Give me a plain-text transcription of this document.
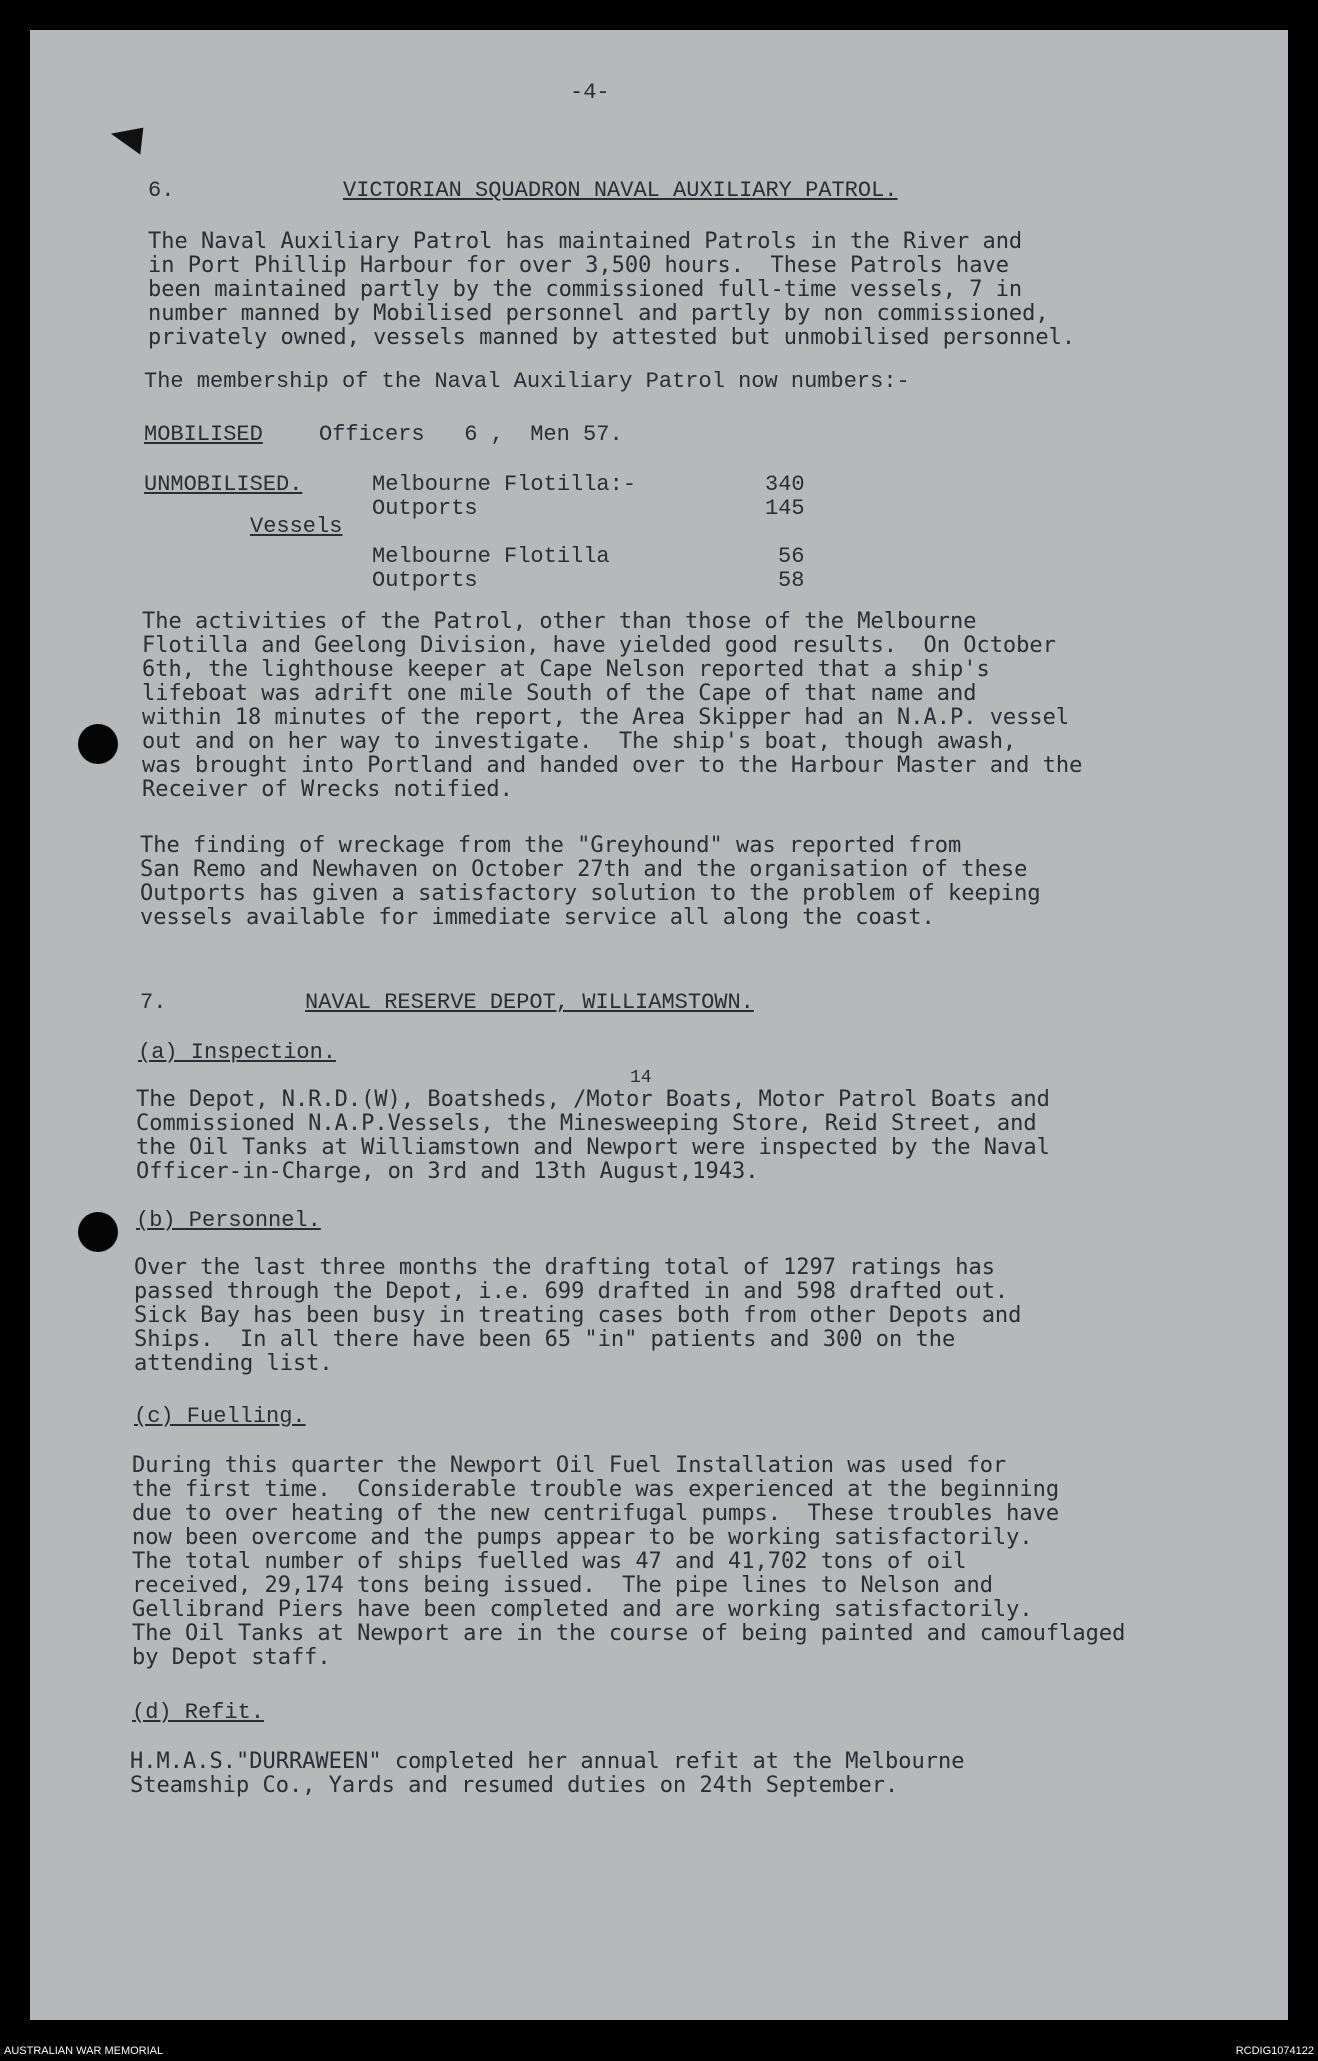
-4-
6.	VICTORIAN SQUADRON NAVAL AUXILIARY PATROL.
The Naval Auxiliary Patrol has maintained Patrols in the River and
in Port Phillip Harbour for over 3,500 hours.  These Patrols have
been maintained partly by the commissioned full-time vessels, 7 in
number manned by Mobilised personnel and partly by non commissioned,
privately owned, vessels manned by attested but unmobilised personnel.
The membership of the Naval Auxiliary Patrol now numbers:-
MOBILISED	Officers   6 ,  Men 57.
UNMOBILISED.
Vessels
Melbourne Flotilla:-	340
Outports	145
Melbourne Flotilla	56
Outports	58
The activities of the Patrol, other than those of the Melbourne
Flotilla and Geelong Division, have yielded good results.  On October
6th, the lighthouse keeper at Cape Nelson reported that a ship's
lifeboat was adrift one mile South of the Cape of that name and
within 18 minutes of the report, the Area Skipper had an N.A.P. vessel
out and on her way to investigate.  The ship's boat, though awash,
was brought into Portland and handed over to the Harbour Master and the
Receiver of Wrecks notified.
The finding of wreckage from the "Greyhound" was reported from
San Remo and Newhaven on October 27th and the organisation of these
Outports has given a satisfactory solution to the problem of keeping
vessels available for immediate service all along the coast.
7.	NAVAL RESERVE DEPOT, WILLIAMSTOWN.
(a) Inspection.
14
The Depot, N.R.D.(W), Boatsheds, /Motor Boats, Motor Patrol Boats and
Commissioned N.A.P.Vessels, the Minesweeping Store, Reid Street, and
the Oil Tanks at Williamstown and Newport were inspected by the Naval
Officer-in-Charge, on 3rd and 13th August,1943.
(b) Personnel.
Over the last three months the drafting total of 1297 ratings has
passed through the Depot, i.e. 699 drafted in and 598 drafted out.
Sick Bay has been busy in treating cases both from other Depots and
Ships.  In all there have been 65 "in" patients and 300 on the
attending list.
(c) Fuelling.
During this quarter the Newport Oil Fuel Installation was used for
the first time.  Considerable trouble was experienced at the beginning
due to over heating of the new centrifugal pumps.  These troubles have
now been overcome and the pumps appear to be working satisfactorily.
The total number of ships fuelled was 47 and 41,702 tons of oil
received, 29,174 tons being issued.  The pipe lines to Nelson and
Gellibrand Piers have been completed and are working satisfactorily.
The Oil Tanks at Newport are in the course of being painted and camouflaged
by Depot staff.
(d) Refit.
H.M.A.S."DURRAWEEN" completed her annual refit at the Melbourne
Steamship Co., Yards and resumed duties on 24th September.
AUSTRALIAN WAR MEMORIAL	RCDIG1074122
